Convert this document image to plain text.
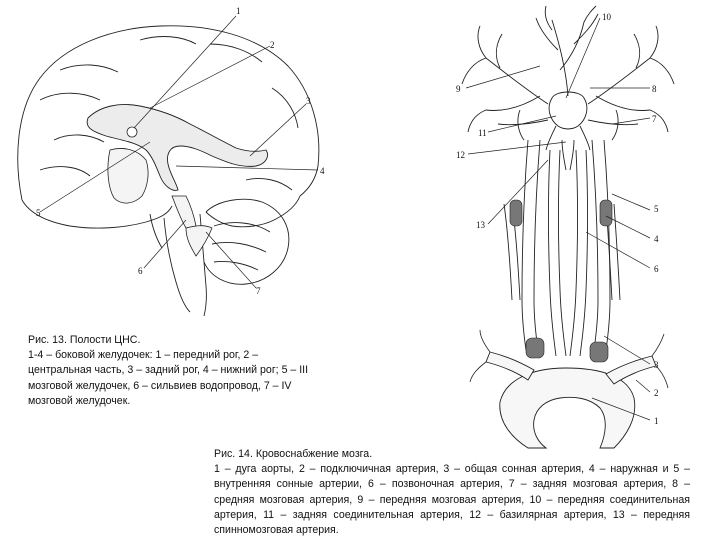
1
2
3
4
5
6
7
10
9	8
7
11
12
13
5
4
6
3
2
1

Рис. 13. Полости ЦНС.

1-4 – боковой желудочек: 1 – передний рог, 2 – центральная часть, 3 – задний рог, 4 – нижний рог; 5 – III мозговой желудочек, 6 – сильвиев водопровод, 7 – IV мозговой желудочек.

Рис. 14. Кровоснабжение мозга.

1 – дуга аорты, 2 – подключичная артерия, 3 – общая сонная артерия, 4 – наружная и 5 – внутренняя сонные артерии, 6 – позвоночная артерия, 7 – задняя мозговая артерия, 8 – средняя мозговая артерия, 9 – передняя мозговая артерия, 10 – передняя соединительная артерия, 11 – задняя соединительная артерия, 12 – базилярная артерия, 13 – передняя спинномозговая артерия.
